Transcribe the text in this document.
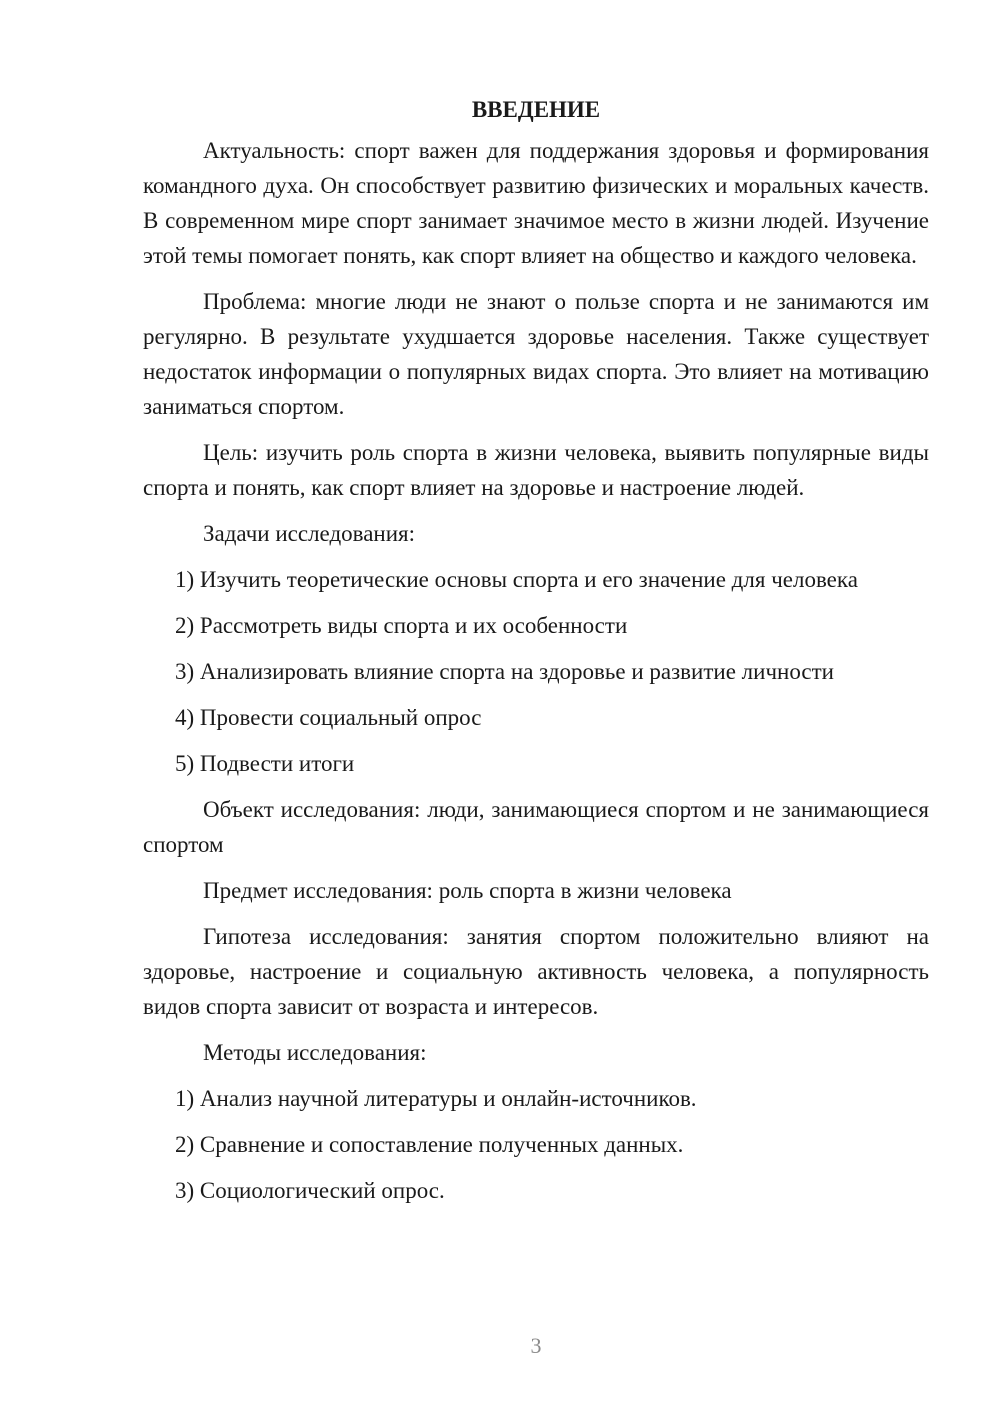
ВВЕДЕНИЕ
Актуальность: спорт важен для поддержания здоровья и формирования командного духа. Он способствует развитию физических и моральных качеств. В современном мире спорт занимает значимое место в жизни людей. Изучение этой темы помогает понять, как спорт влияет на общество и каждого человека.
Проблема: многие люди не знают о пользе спорта и не занимаются им регулярно. В результате ухудшается здоровье населения. Также существует недостаток информации о популярных видах спорта. Это влияет на мотивацию заниматься спортом.
Цель: изучить роль спорта в жизни человека, выявить популярные виды спорта и понять, как спорт влияет на здоровье и настроение людей.
Задачи исследования:
1) Изучить теоретические основы спорта и его значение для человека
2) Рассмотреть виды спорта и их особенности
3) Анализировать влияние спорта на здоровье и развитие личности
4) Провести социальный опрос
5) Подвести итоги
Объект исследования: люди, занимающиеся спортом и не занимающиеся спортом
Предмет исследования: роль спорта в жизни человека
Гипотеза исследования: занятия спортом положительно влияют на здоровье, настроение и социальную активность человека, а популярность видов спорта зависит от возраста и интересов.
Методы исследования:
1) Анализ научной литературы и онлайн-источников.
2) Сравнение и сопоставление полученных данных.
3) Социологический опрос.
3
